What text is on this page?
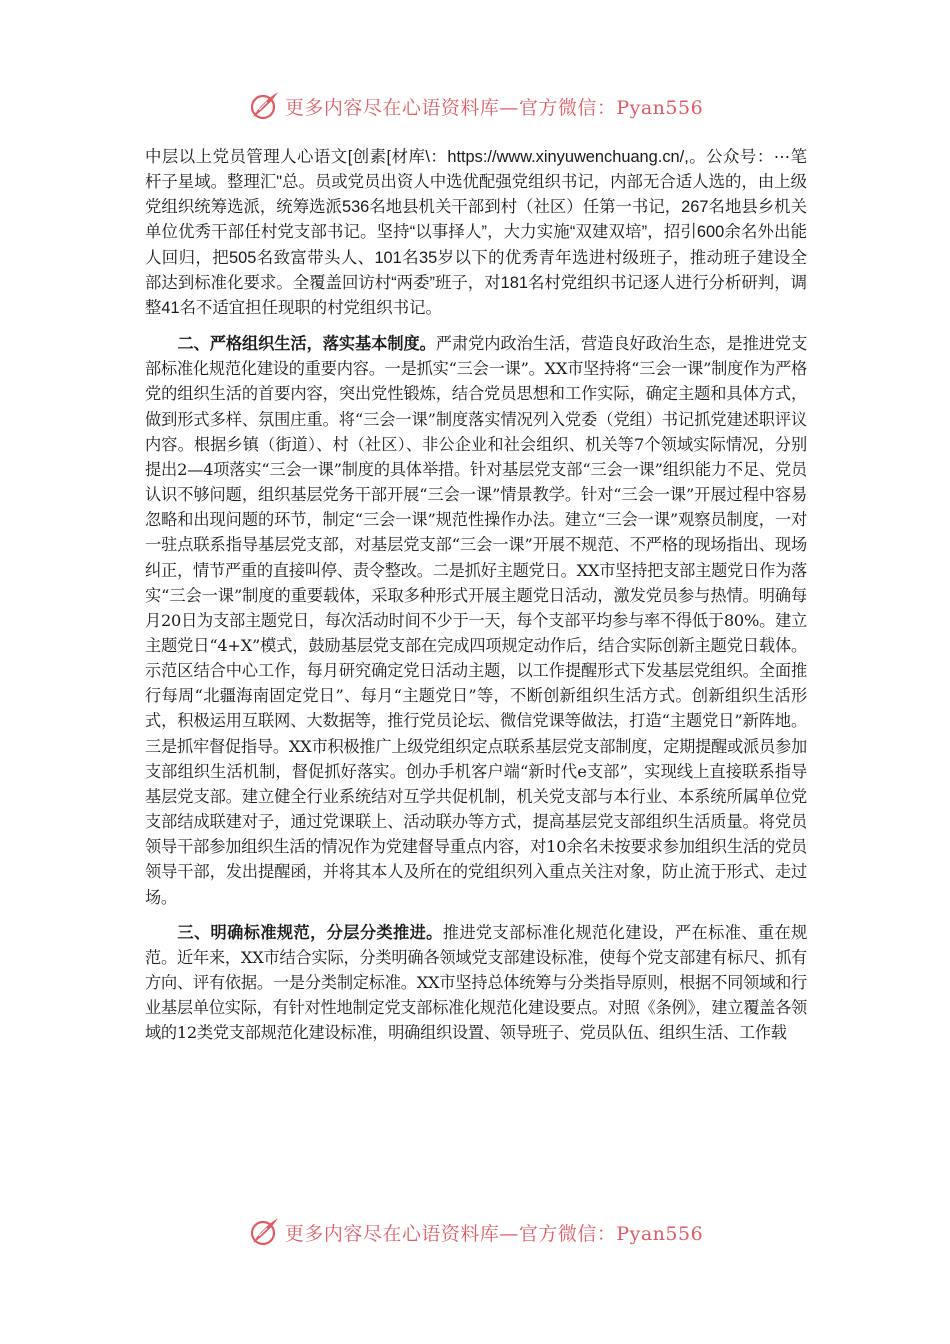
更多内容尽在心语资料库—官方微信：Pyan556

中层以上党员管理人心语文[创素[材库\：https://www.xinyuwenchuang.cn/,。公众号：⋯笔杆子星域。整理汇"总。员或党员出资人中选优配强党组织书记，内部无合适人选的，由上级党组织统筹选派，统筹选派536名地县机关干部到村（社区）任第一书记，267名地县乡机关单位优秀干部任村党支部书记。坚持“以事择人”，大力实施“双建双培”，招引600余名外出能人回归，把505名致富带头人、101名35岁以下的优秀青年选进村级班子，推动班子建设全部达到标准化要求。全覆盖回访村“两委”班子，对181名村党组织书记逐人进行分析研判，调整41名不适宜担任现职的村党组织书记。

二、严格组织生活，落实基本制度。严肃党内政治生活，营造良好政治生态，是推进党支部标准化规范化建设的重要内容。一是抓实“三会一课”。XX市坚持将“三会一课”制度作为严格党的组织生活的首要内容，突出党性锻炼，结合党员思想和工作实际，确定主题和具体方式，做到形式多样、氛围庄重。将“三会一课”制度落实情况列入党委（党组）书记抓党建述职评议内容。根据乡镇（街道）、村（社区）、非公企业和社会组织、机关等7个领域实际情况，分别提出2—4项落实“三会一课”制度的具体举措。针对基层党支部“三会一课”组织能力不足、党员认识不够问题，组织基层党务干部开展“三会一课”情景教学。针对“三会一课”开展过程中容易忽略和出现问题的环节，制定“三会一课”规范性操作办法。建立“三会一课”观察员制度，一对一驻点联系指导基层党支部，对基层党支部“三会一课”开展不规范、不严格的现场指出、现场纠正，情节严重的直接叫停、责令整改。二是抓好主题党日。XX市坚持把支部主题党日作为落实“三会一课”制度的重要载体，采取多种形式开展主题党日活动，激发党员参与热情。明确每月20日为支部主题党日，每次活动时间不少于一天，每个支部平均参与率不得低于80%。建立主题党日“4+X”模式，鼓励基层党支部在完成四项规定动作后，结合实际创新主题党日载体。示范区结合中心工作，每月研究确定党日活动主题，以工作提醒形式下发基层党组织。全面推行每周“北疆海南固定党日”、每月“主题党日”等，不断创新组织生活方式。创新组织生活形式，积极运用互联网、大数据等，推行党员论坛、微信党课等做法，打造“主题党日”新阵地。三是抓牢督促指导。XX市积极推广上级党组织定点联系基层党支部制度，定期提醒或派员参加支部组织生活机制，督促抓好落实。创办手机客户端“新时代e支部”，实现线上直接联系指导基层党支部。建立健全行业系统结对互学共促机制，机关党支部与本行业、本系统所属单位党支部结成联建对子，通过党课联上、活动联办等方式，提高基层党支部组织生活质量。将党员领导干部参加组织生活的情况作为党建督导重点内容，对10余名未按要求参加组织生活的党员领导干部，发出提醒函，并将其本人及所在的党组织列入重点关注对象，防止流于形式、走过场。

三、明确标准规范，分层分类推进。推进党支部标准化规范化建设，严在标准、重在规范。近年来，XX市结合实际，分类明确各领域党支部建设标准，使每个党支部建有标尺、抓有方向、评有依据。一是分类制定标准。XX市坚持总体统筹与分类指导原则，根据不同领域和行业基层单位实际，有针对性地制定党支部标准化规范化建设要点。对照《条例》，建立覆盖各领域的12类党支部规范化建设标准，明确组织设置、领导班子、党员队伍、组织生活、工作载

更多内容尽在心语资料库—官方微信：Pyan556
